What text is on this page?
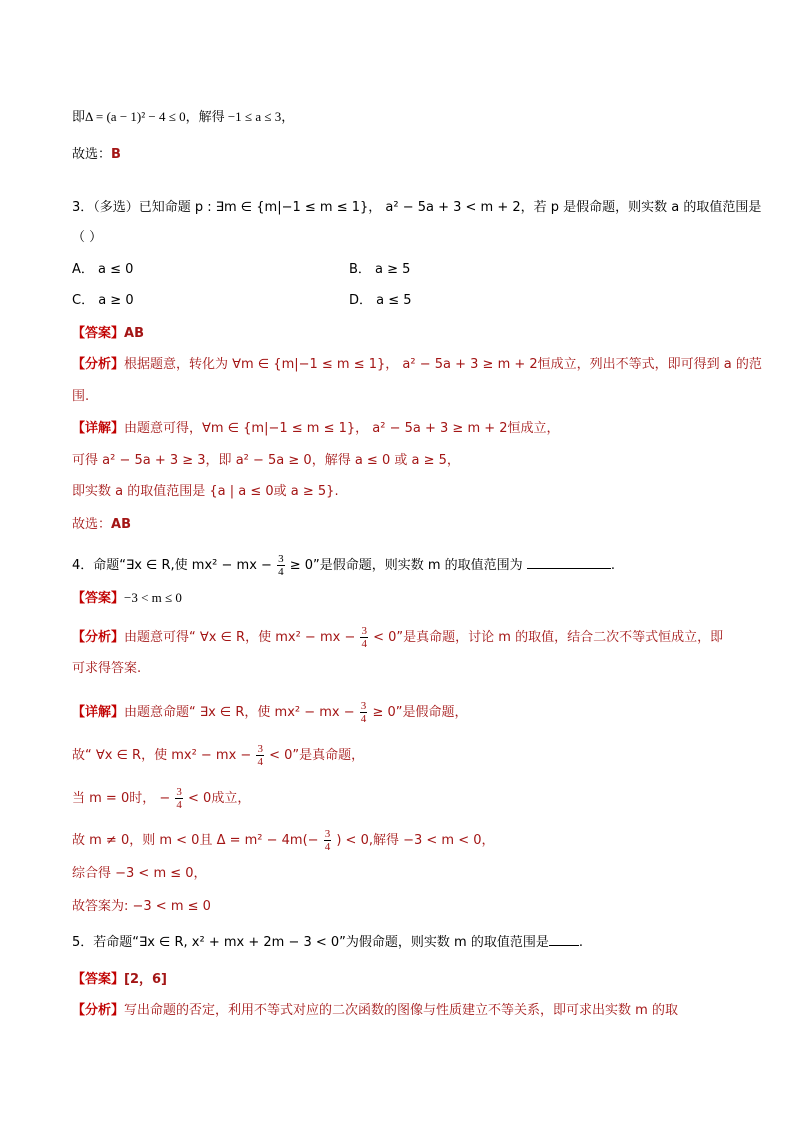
即Δ = (a − 1)² − 4 ≤ 0，解得 −1 ≤ a ≤ 3，
故选：B
3．（多选）已知命题 p : ∃m ∈ {m|−1 ≤ m ≤ 1}， a² − 5a + 3 < m + 2，若 p 是假命题，则实数 a 的取值范围是
（ ）
A． a ≤ 0	B． a ≥ 5
C． a ≥ 0	D． a ≤ 5
【答案】AB
【分析】根据题意，转化为 ∀m ∈ {m|−1 ≤ m ≤ 1}， a² − 5a + 3 ≥ m + 2恒成立，列出不等式，即可得到 a 的范
围.
【详解】由题意可得，∀m ∈ {m|−1 ≤ m ≤ 1}， a² − 5a + 3 ≥ m + 2恒成立，
可得 a² − 5a + 3 ≥ 3，即 a² − 5a ≥ 0，解得 a ≤ 0 或 a ≥ 5，
即实数 a 的取值范围是 {a | a ≤ 0或 a ≥ 5}.
故选：AB
4．命题“∃x ∈ R,使 mx² − mx − $\frac{3}{4} \ge 0$”是假命题，则实数 m 的取值范围为	.
【答案】−3 < m ≤ 0
【分析】由题意可得“ ∀x ∈ R，使 mx² − mx − $\frac{3}{4} < 0$”是真命题，讨论 m 的取值，结合二次不等式恒成立，即
可求得答案.
【详解】由题意命题“ ∃x ∈ R，使 mx² − mx − $\frac{3}{4} \ge 0$”是假命题，
故“ ∀x ∈ R，使 mx² − mx − $\frac{3}{4} < 0$”是真命题，
当 m = 0时， − $\frac{3}{4} < 0$成立，
故 m ≠ 0，则 m < 0且 $\Delta = m^2 - 4m(- \frac{3}{4}$ ) < 0,解得 −3 < m < 0，
综合得 −3 < m ≤ 0，
故答案为: −3 < m ≤ 0
5．若命题“∃x ∈ R, x² + mx + 2m − 3 < 0”为假命题，则实数 m 的取值范围是 .
【答案】[2，6]
【分析】写出命题的否定，利用不等式对应的二次函数的图像与性质建立不等关系，即可求出实数 m 的取
